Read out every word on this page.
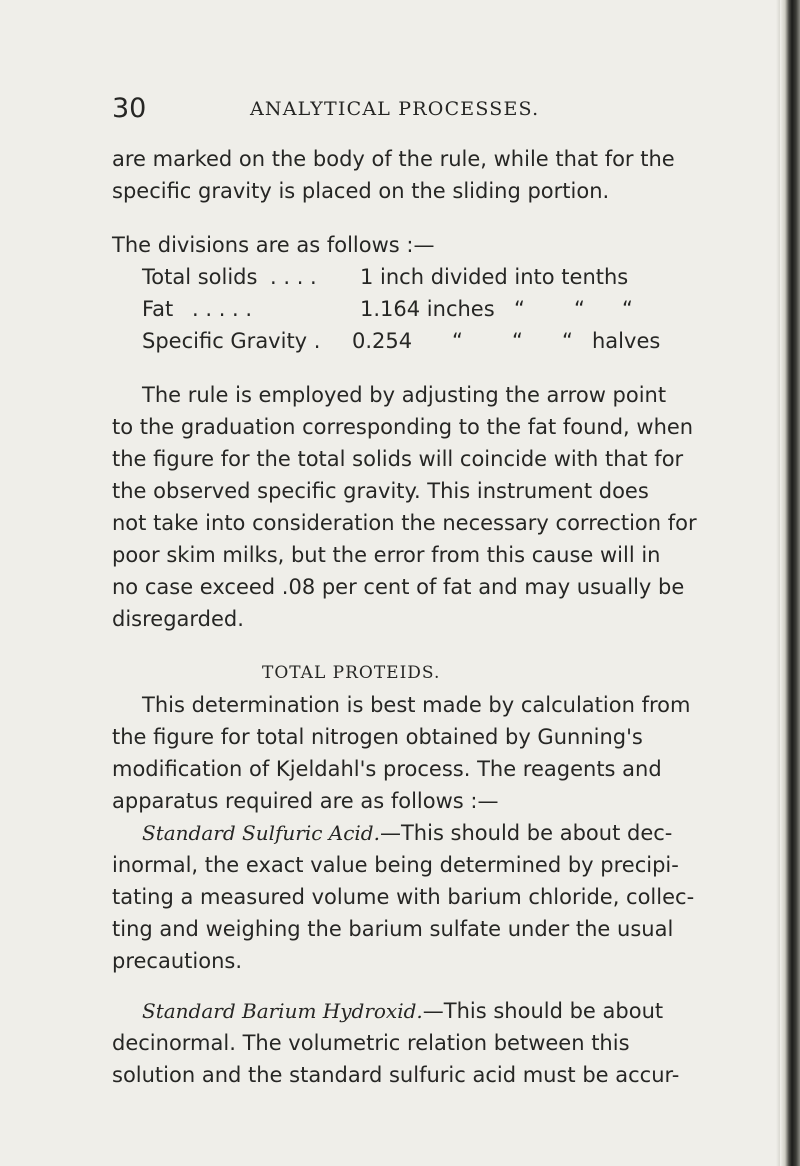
30	ANALYTICAL PROCESSES.
are marked on the body of the rule, while that for the
specific gravity is placed on the sliding portion.
The divisions are as follows :—
Total solids . . . . 1 inch divided into tenths
Fat . . . . .	1.164 inches “ “ “
Specific Gravity . 0.254 “ “ “ halves
The rule is employed by adjusting the arrow point
to the graduation corresponding to the fat found, when
the figure for the total solids will coincide with that for
the observed specific gravity. This instrument does
not take into consideration the necessary correction for
poor skim milks, but the error from this cause will in
no case exceed .08 per cent of fat and may usually be
disregarded.
TOTAL PROTEIDS.
This determination is best made by calculation from
the figure for total nitrogen obtained by Gunning's
modification of Kjeldahl's process. The reagents and
apparatus required are as follows :—
Standard Sulfuric Acid.—This should be about dec-
inormal, the exact value being determined by precipi-
tating a measured volume with barium chloride, collec-
ting and weighing the barium sulfate under the usual
precautions.
Standard Barium Hydroxid.—This should be about
decinormal. The volumetric relation between this
solution and the standard sulfuric acid must be accur-
